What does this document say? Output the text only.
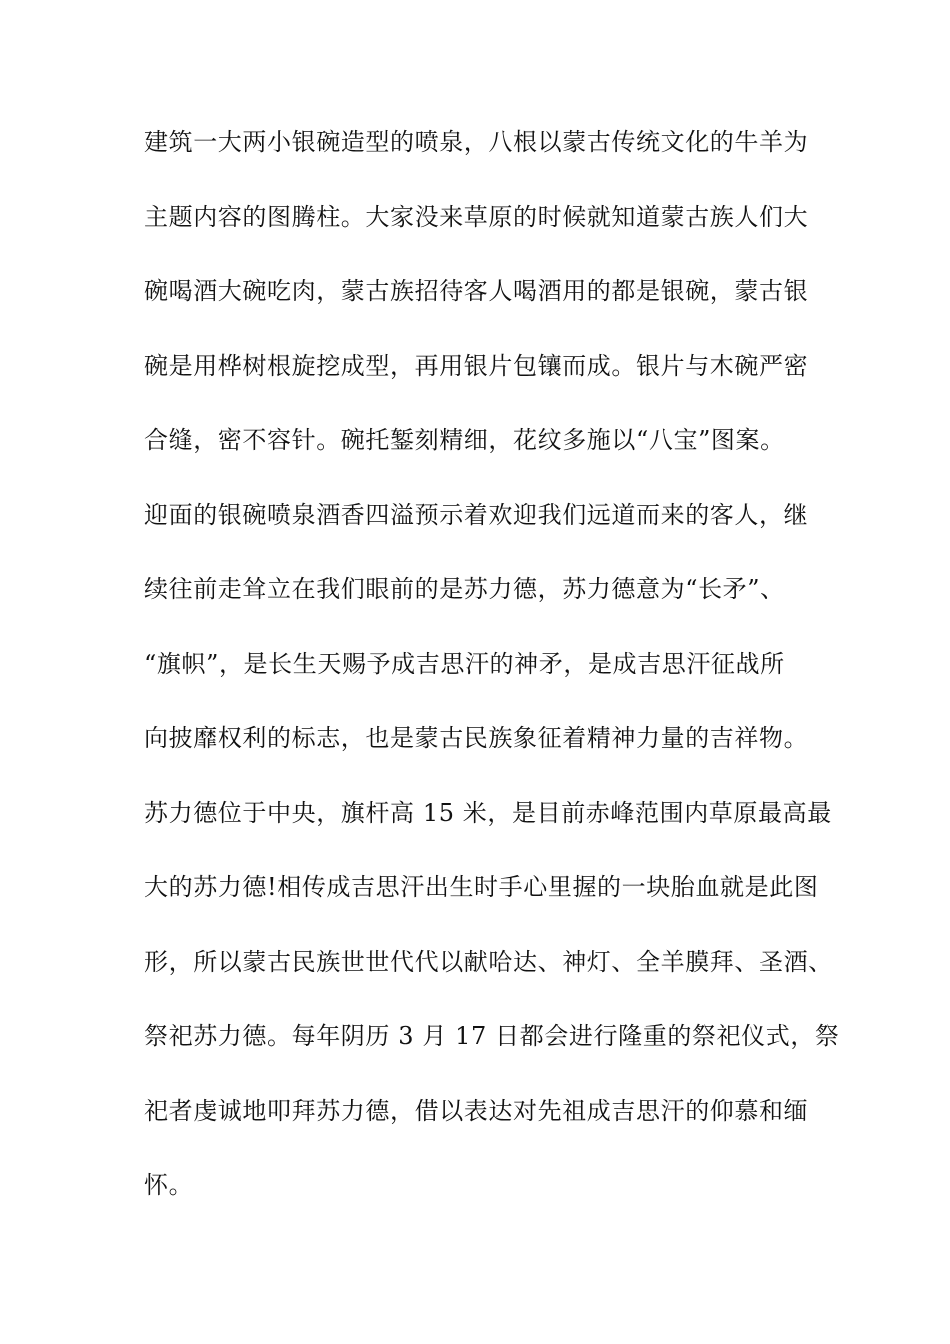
建筑一大两小银碗造型的喷泉，八根以蒙古传统文化的牛羊为
主题内容的图腾柱。大家没来草原的时候就知道蒙古族人们大
碗喝酒大碗吃肉，蒙古族招待客人喝酒用的都是银碗，蒙古银
碗是用桦树根旋挖成型，再用银片包镶而成。银片与木碗严密
合缝，密不容针。碗托錾刻精细，花纹多施以“八宝”图案。
迎面的银碗喷泉酒香四溢预示着欢迎我们远道而来的客人，继
续往前走耸立在我们眼前的是苏力德，苏力德意为“长矛”、
“旗帜”，是长生天赐予成吉思汗的神矛，是成吉思汗征战所
向披靡权利的标志，也是蒙古民族象征着精神力量的吉祥物。
苏力德位于中央，旗杆高 15 米，是目前赤峰范围内草原最高最
大的苏力德!相传成吉思汗出生时手心里握的一块胎血就是此图
形，所以蒙古民族世世代代以献哈达、神灯、全羊膜拜、圣酒、
祭祀苏力德。每年阴历 3 月 17 日都会进行隆重的祭祀仪式，祭
祀者虔诚地叩拜苏力德，借以表达对先祖成吉思汗的仰慕和缅
怀。
